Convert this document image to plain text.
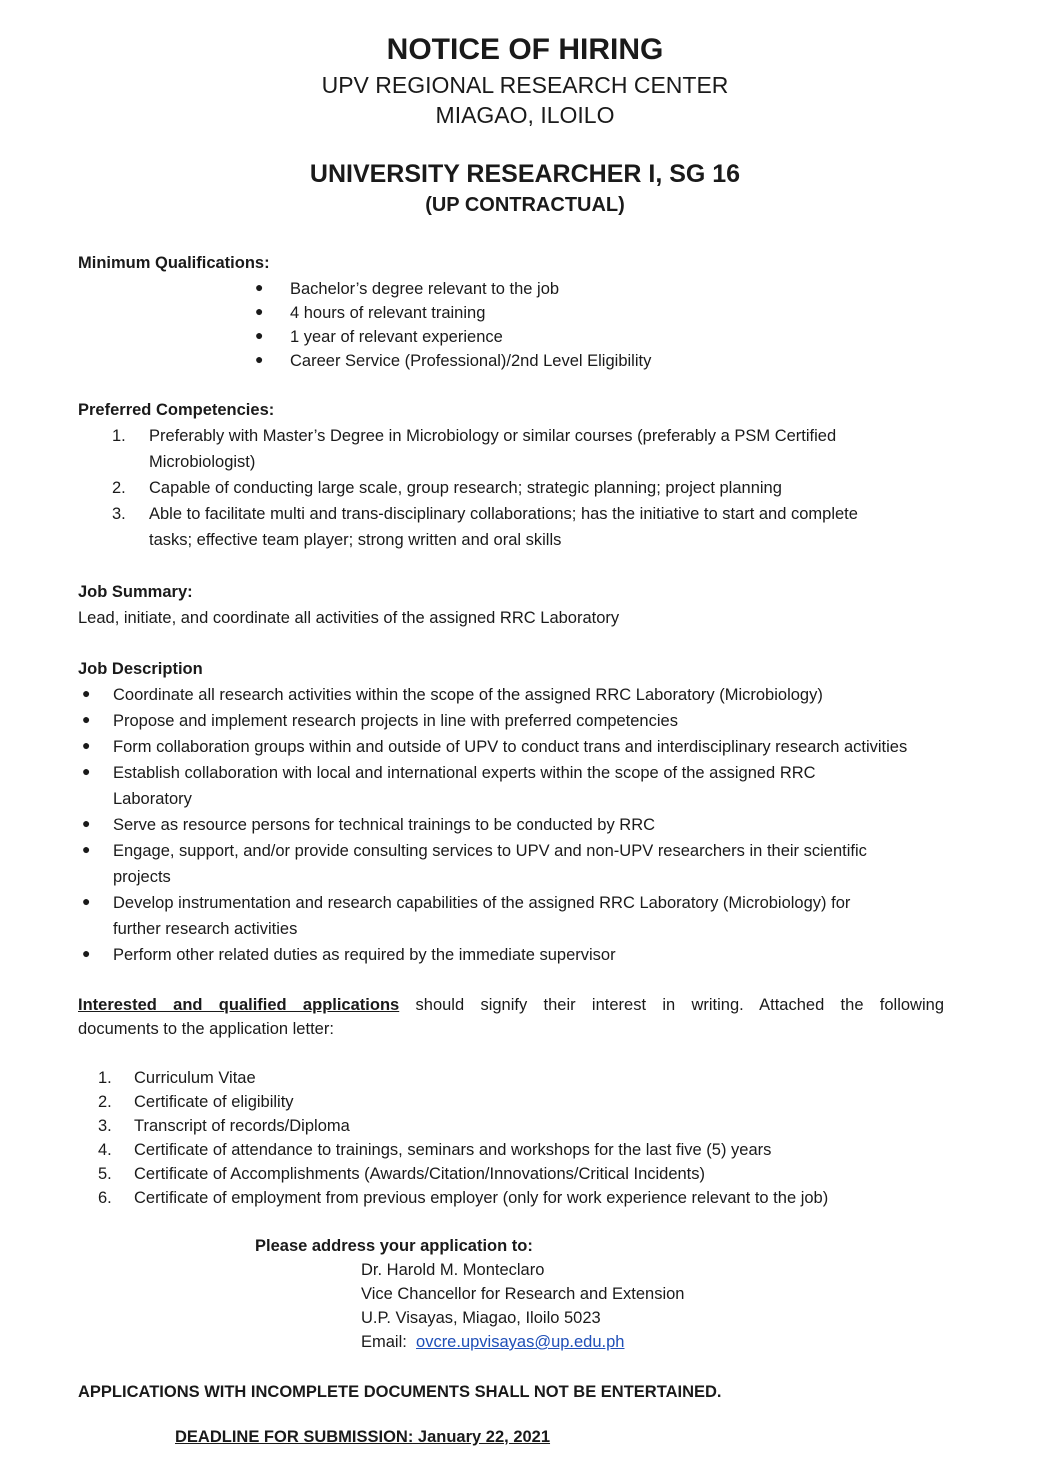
NOTICE OF HIRING
UPV REGIONAL RESEARCH CENTER
MIAGAO, ILOILO
UNIVERSITY RESEARCHER I, SG 16
(UP CONTRACTUAL)
Minimum Qualifications:
● Bachelor’s degree relevant to the job
● 4 hours of relevant training
● 1 year of relevant experience
● Career Service (Professional)/2nd Level Eligibility
Preferred Competencies:
1. Preferably with Master’s Degree in Microbiology or similar courses (preferably a PSM Certified
Microbiologist)
2. Capable of conducting large scale, group research; strategic planning; project planning
3. Able to facilitate multi and trans-disciplinary collaborations; has the initiative to start and complete
tasks; effective team player; strong written and oral skills
Job Summary:
Lead, initiate, and coordinate all activities of the assigned RRC Laboratory
Job Description
● Coordinate all research activities within the scope of the assigned RRC Laboratory (Microbiology)
● Propose and implement research projects in line with preferred competencies
● Form collaboration groups within and outside of UPV to conduct trans and interdisciplinary research activities
● Establish collaboration with local and international experts within the scope of the assigned RRC
Laboratory
● Serve as resource persons for technical trainings to be conducted by RRC
● Engage, support, and/or provide consulting services to UPV and non-UPV researchers in their scientific
projects
● Develop instrumentation and research capabilities of the assigned RRC Laboratory (Microbiology) for
further research activities
● Perform other related duties as required by the immediate supervisor
Interested and qualified applications should signify their interest in writing. Attached the following
documents to the application letter:
1. Curriculum Vitae
2. Certificate of eligibility
3. Transcript of records/Diploma
4. Certificate of attendance to trainings, seminars and workshops for the last five (5) years
5. Certificate of Accomplishments (Awards/Citation/Innovations/Critical Incidents)
6. Certificate of employment from previous employer (only for work experience relevant to the job)
Please address your application to:
Dr. Harold M. Monteclaro
Vice Chancellor for Research and Extension
U.P. Visayas, Miagao, Iloilo 5023
Email: ovcre.upvisayas@up.edu.ph
APPLICATIONS WITH INCOMPLETE DOCUMENTS SHALL NOT BE ENTERTAINED.
DEADLINE FOR SUBMISSION: January 22, 2021
